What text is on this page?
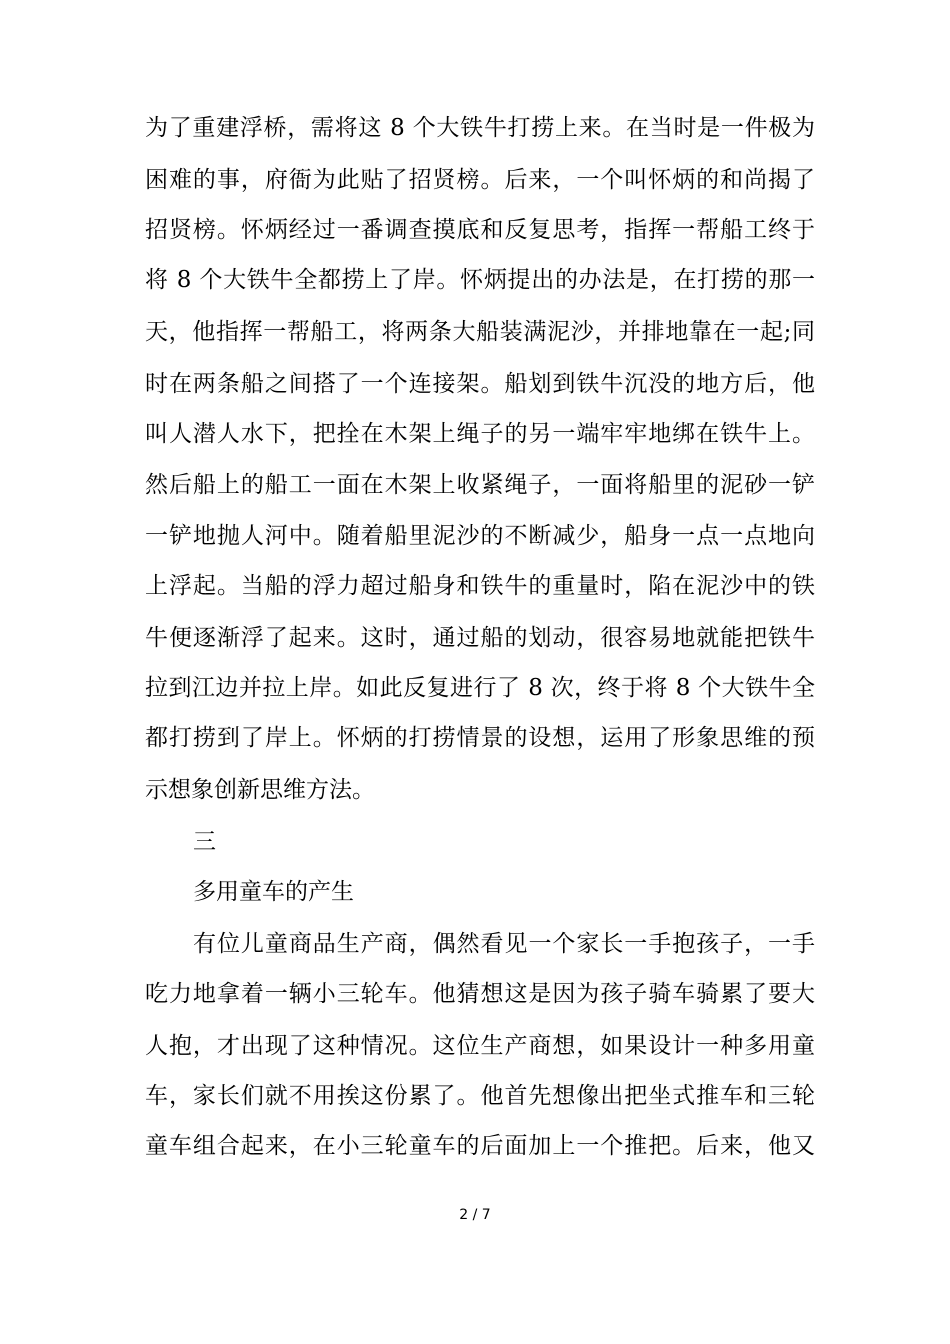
为了重建浮桥，需将这 8 个大铁牛打捞上来。在当时是一件极为
困难的事，府衙为此贴了招贤榜。后来，一个叫怀炳的和尚揭了
招贤榜。怀炳经过一番调查摸底和反复思考，指挥一帮船工终于
将 8 个大铁牛全都捞上了岸。怀炳提出的办法是，在打捞的那一
天，他指挥一帮船工，将两条大船装满泥沙，并排地靠在一起;同
时在两条船之间搭了一个连接架。船划到铁牛沉没的地方后，他
叫人潜人水下，把拴在木架上绳子的另一端牢牢地绑在铁牛上。
然后船上的船工一面在木架上收紧绳子，一面将船里的泥砂一铲
一铲地抛人河中。随着船里泥沙的不断减少，船身一点一点地向
上浮起。当船的浮力超过船身和铁牛的重量时，陷在泥沙中的铁
牛便逐渐浮了起来。这时，通过船的划动，很容易地就能把铁牛
拉到江边并拉上岸。如此反复进行了 8 次，终于将 8 个大铁牛全
都打捞到了岸上。怀炳的打捞情景的设想，运用了形象思维的预
示想象创新思维方法。
三
多用童车的产生
有位儿童商品生产商，偶然看见一个家长一手抱孩子，一手
吃力地拿着一辆小三轮车。他猜想这是因为孩子骑车骑累了要大
人抱，才出现了这种情况。这位生产商想，如果设计一种多用童
车，家长们就不用挨这份累了。他首先想像出把坐式推车和三轮
童车组合起来，在小三轮童车的后面加上一个推把。后来，他又
2 / 7
